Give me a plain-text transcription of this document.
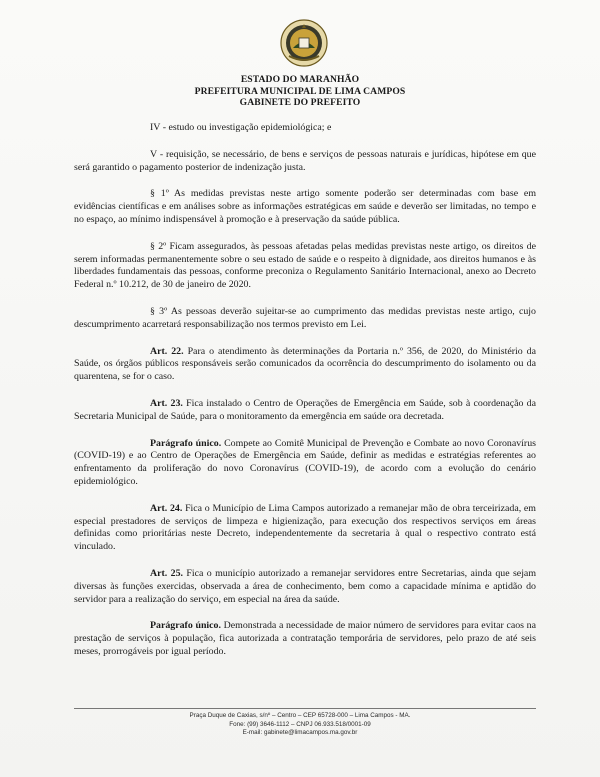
ESTADO DO MARANHÃO
PREFEITURA MUNICIPAL DE LIMA CAMPOS
GABINETE DO PREFEITO

IV - estudo ou investigação epidemiológica; e

V - requisição, se necessário, de bens e serviços de pessoas naturais e jurídicas, hipótese em que será garantido o pagamento posterior de indenização justa.

§ 1º As medidas previstas neste artigo somente poderão ser determinadas com base em evidências científicas e em análises sobre as informações estratégicas em saúde e deverão ser limitadas, no tempo e no espaço, ao mínimo indispensável à promoção e à preservação da saúde pública.

§ 2º Ficam assegurados, às pessoas afetadas pelas medidas previstas neste artigo, os direitos de serem informadas permanentemente sobre o seu estado de saúde e o respeito à dignidade, aos direitos humanos e às liberdades fundamentais das pessoas, conforme preconiza o Regulamento Sanitário Internacional, anexo ao Decreto Federal n.º 10.212, de 30 de janeiro de 2020.

§ 3º As pessoas deverão sujeitar-se ao cumprimento das medidas previstas neste artigo, cujo descumprimento acarretará responsabilização nos termos previsto em Lei.

Art. 22. Para o atendimento às determinações da Portaria n.º 356, de 2020, do Ministério da Saúde, os órgãos públicos responsáveis serão comunicados da ocorrência do descumprimento do isolamento ou da quarentena, se for o caso.

Art. 23. Fica instalado o Centro de Operações de Emergência em Saúde, sob à coordenação da Secretaria Municipal de Saúde, para o monitoramento da emergência em saúde ora decretada.

Parágrafo único. Compete ao Comitê Municipal de Prevenção e Combate ao novo Coronavírus (COVID-19) e ao Centro de Operações de Emergência em Saúde, definir as medidas e estratégias referentes ao enfrentamento da proliferação do novo Coronavírus (COVID-19), de acordo com a evolução do cenário epidemiológico.

Art. 24. Fica o Município de Lima Campos autorizado a remanejar mão de obra terceirizada, em especial prestadores de serviços de limpeza e higienização, para execução dos respectivos serviços em áreas definidas como prioritárias neste Decreto, independentemente da secretaria à qual o respectivo contrato está vinculado.

Art. 25. Fica o município autorizado a remanejar servidores entre Secretarias, ainda que sejam diversas às funções exercidas, observada a área de conhecimento, bem como a capacidade mínima e aptidão do servidor para a realização do serviço, em especial na área da saúde.

Parágrafo único. Demonstrada a necessidade de maior número de servidores para evitar caos na prestação de serviços à população, fica autorizada a contratação temporária de servidores, pelo prazo de até seis meses, prorrogáveis por igual período.

Praça Duque de Caxias, s/nº – Centro – CEP 65728-000 – Lima Campos - MA.
Fone: (99) 3646-1112 – CNPJ 06.933.518/0001-09
E-mail: gabinete@limacampos.ma.gov.br
